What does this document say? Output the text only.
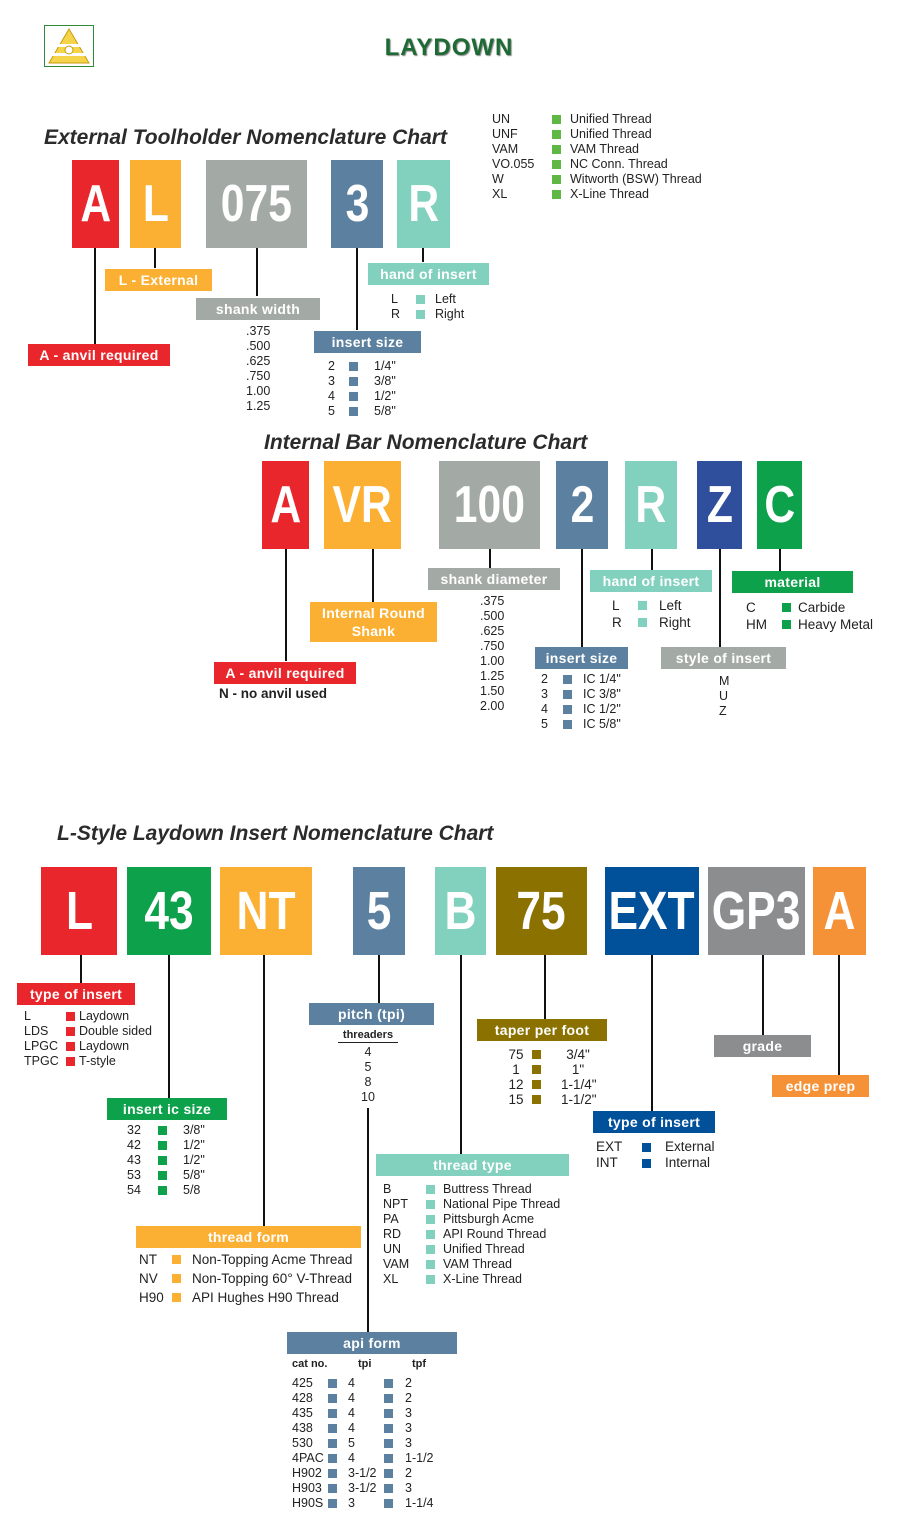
LAYDOWN
UN	Unified Thread
UNF	Unified Thread
VAM	VAM Thread
VO.055	NC Conn. Thread
W	Witworth (BSW) Thread
XL	X-Line Thread
External Toolholder Nomenclature Chart
A L 075 3 R
A - anvil required
L - External
shank width
insert size
hand of insert
.375
.500
.625
.750
1.00
1.25
2	1/4"
3	3/8"
4	1/2"
5	5/8"
L	Left
R	Right
Internal Bar Nomenclature Chart
A VR 100 2 R Z C
A - anvil required
N - no anvil used
Internal Round
Shank
shank diameter
insert size
hand of insert
style of insert
material
.375
.500
.625
.750
1.00
1.25
1.50
2.00
2	IC 1/4"
3	IC 3/8"
4	IC 1/2"
5	IC 5/8"
L	Left
R	Right
M
U
Z
C	Carbide
HM	Heavy Metal
L-Style Laydown Insert Nomenclature Chart
L 43 NT 5 B 75 EXT GP3 A
type of insert
insert ic size
thread form
pitch (tpi)
api form
thread type
taper per foot
type of insert
grade
edge prep
L	Laydown
LDS	Double sided
LPGC	Laydown
TPGC	T-style
32	3/8"
42	1/2"
43	1/2"
53	5/8"
54	5/8
NT	Non-Topping Acme Thread
NV	Non-Topping 60° V-Thread
H90	API Hughes H90 Thread
threaders
4
5
8
10
cat no.	tpi	tpf
425	4	2
428	4	2
435	4	3
438	4	3
530	5	3
4PAC	4	1-1/2
H902	3-1/2	2
H903	3-1/2	3
H90S	3	1-1/4
B	Buttress Thread
NPT	National Pipe Thread
PA	Pittsburgh Acme
RD	API Round Thread
UN	Unified Thread
VAM	VAM Thread
XL	X-Line Thread
75	3/4"
1	1"
12	1-1/4"
15	1-1/2"
EXT	External
INT	Internal
